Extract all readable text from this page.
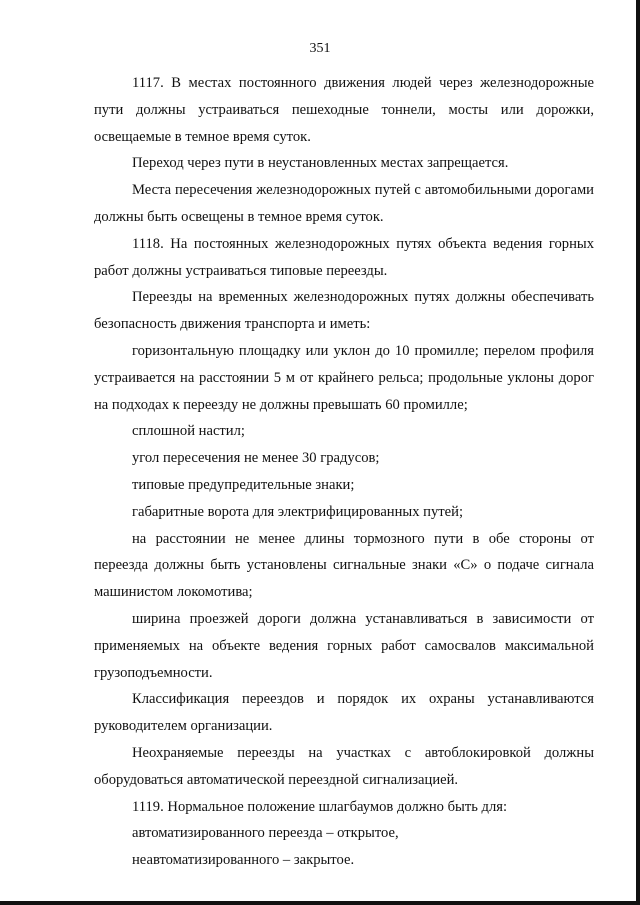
351

1117. В местах постоянного движения людей через железнодорожные пути должны устраиваться пешеходные тоннели, мосты или дорожки, освещаемые в темное время суток.

Переход через пути в неустановленных местах запрещается.

Места пересечения железнодорожных путей с автомобильными дорогами должны быть освещены в темное время суток.

1118. На постоянных железнодорожных путях объекта ведения горных работ должны устраиваться типовые переезды.

Переезды на временных железнодорожных путях должны обеспечивать безопасность движения транспорта и иметь:

горизонтальную площадку или уклон до 10 промилле; перелом профиля устраивается на расстоянии 5 м от крайнего рельса; продольные уклоны дорог на подходах к переезду не должны превышать 60 промилле;

сплошной настил;

угол пересечения не менее 30 градусов;

типовые предупредительные знаки;

габаритные ворота для электрифицированных путей;

на расстоянии не менее длины тормозного пути в обе стороны от переезда должны быть установлены сигнальные знаки «С» о подаче сигнала машинистом локомотива;

ширина проезжей дороги должна устанавливаться в зависимости от применяемых на объекте ведения горных работ самосвалов максимальной грузоподъемности.

Классификация переездов и порядок их охраны устанавливаются руководителем организации.

Неохраняемые переезды на участках с автоблокировкой должны оборудоваться автоматической переездной сигнализацией.

1119. Нормальное положение шлагбаумов должно быть для:

автоматизированного переезда – открытое,

неавтоматизированного – закрытое.
